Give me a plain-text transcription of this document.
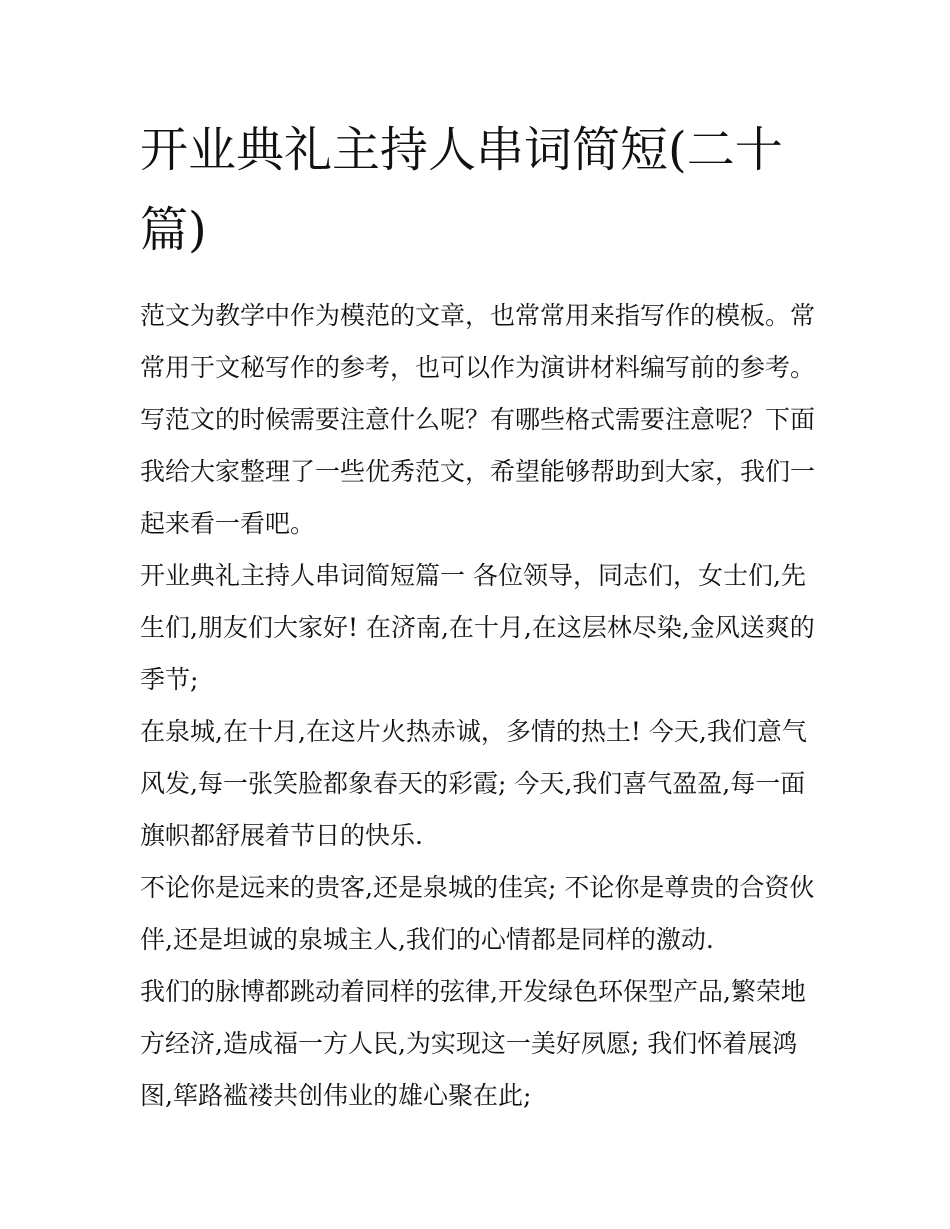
开业典礼主持人串词简短(二十篇)

范文为教学中作为模范的文章，也常常用来指写作的模板。常常用于文秘写作的参考，也可以作为演讲材料编写前的参考。写范文的时候需要注意什么呢？有哪些格式需要注意呢？下面我给大家整理了一些优秀范文，希望能够帮助到大家，我们一起来看一看吧。

开业典礼主持人串词简短篇一 各位领导，同志们，女士们,先生们,朋友们大家好! 在济南,在十月,在这层林尽染,金风送爽的季节;

在泉城,在十月,在这片火热赤诚，多情的热土! 今天,我们意气风发,每一张笑脸都象春天的彩霞; 今天,我们喜气盈盈,每一面旗帜都舒展着节日的快乐.

不论你是远来的贵客,还是泉城的佳宾; 不论你是尊贵的合资伙伴,还是坦诚的泉城主人,我们的心情都是同样的激动.

我们的脉博都跳动着同样的弦律,开发绿色环保型产品,繁荣地方经济,造成福一方人民,为实现这一美好夙愿; 我们怀着展鸿图,筚路褴褛共创伟业的雄心聚在此;
